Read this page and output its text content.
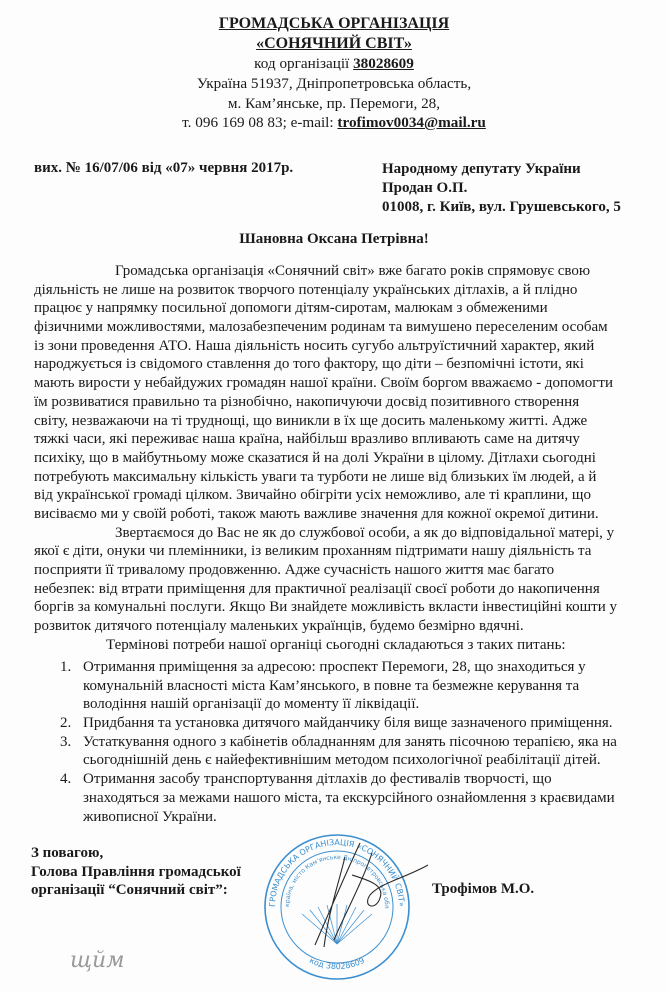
ГРОМАДСЬКА ОРГАНІЗАЦІЯ
«СОНЯЧНИЙ СВІТ»
код організації 38028609
Україна 51937, Дніпропетровська область,
м. Кам’янське, пр. Перемоги, 28,
т. 096 169 08 83; e-mail: trofimov0034@mail.ru
вих. № 16/07/06 від «07» червня 2017р.	Народному депутату України
Продан О.П.
01008, г. Київ, вул. Грушевського, 5
Шановна Оксана Петрівна!
Громадська організація «Сонячний світ» вже багато років спрямовує свою
діяльність не лише на розвиток творчого потенціалу українських дітлахів, а й плідно
працює у напрямку посильної допомоги дітям-сиротам, малюкам з обмеженими
фізичними можливостями, малозабезпеченим родинам та вимушено переселеним особам
із зони проведення АТО. Наша діяльність носить сугубо альтруїстичний характер, який
народжується із свідомого ставлення до того фактору, що діти – безпомічні істоти, які
мають вирости у небайдужих громадян нашої країни. Своїм боргом вважаємо - допомогти
їм розвиватися правильно та різнобічно, накопичуючи досвід позитивного створення
світу, незважаючи на ті труднощі, що виникли в їх ще досить маленькому житті. Адже
тяжкі часи, які переживає наша країна, найбільш вразливо впливають саме на дитячу
психіку, що в майбутньому може сказатися й на долі України в цілому. Дітлахи сьогодні
потребують максимальну кількість уваги та турботи не лише від близьких їм людей, а й
від української громаді цілком. Звичайно обігріти усіх неможливо, але ті краплини, що
висіваємо ми у своїй роботі, також мають важливе значення для кожної окремої дитини.
Звертаємося до Вас не як до службової особи, а як до відповідальної матері, у
якої є діти, онуки чи племінники, із великим проханням підтримати нашу діяльність та
посприяти її тривалому продовженню. Адже сучасність нашого життя має багато
небезпек: від втрати приміщення для практичної реалізації своєї роботи до накопичення
боргів за комунальні послуги. Якщо Ви знайдете можливість вкласти інвестиційні кошти у
розвиток дитячого потенціалу маленьких українців, будемо безмірно вдячні.
Термінові потреби нашої органіці сьогодні складаються з таких питань:
1. Отримання приміщення за адресою: проспект Перемоги, 28, що знаходиться у
комунальній власності міста Кам’янського, в повне та безмежне керування та
володіння нашій організації до моменту її ліквідації.
2. Придбання та установка дитячого майданчику біля вище зазначеного приміщення.
3. Устаткування одного з кабінетів обладнанням для занять пісочною терапією, яка на
сьогоднішній день є найефективнішим методом психологічної реабілітації дітей.
4. Отримання засобу транспортування дітлахів до фестивалів творчості, що
знаходяться за межами нашого міста, та екскурсійного ознайомлення з краєвидами
живописної України.
З повагою,
Голова Правління громадської
організації “Сонячний світ”:
ГРОМАДСЬКА ОРГАНІЗАЦІЯ «СОНЯЧНИЙ СВІТ»
країна, місто Кам’янське Дніпропетровська обл
код 38028609
Трофімов М.О.
щйм
